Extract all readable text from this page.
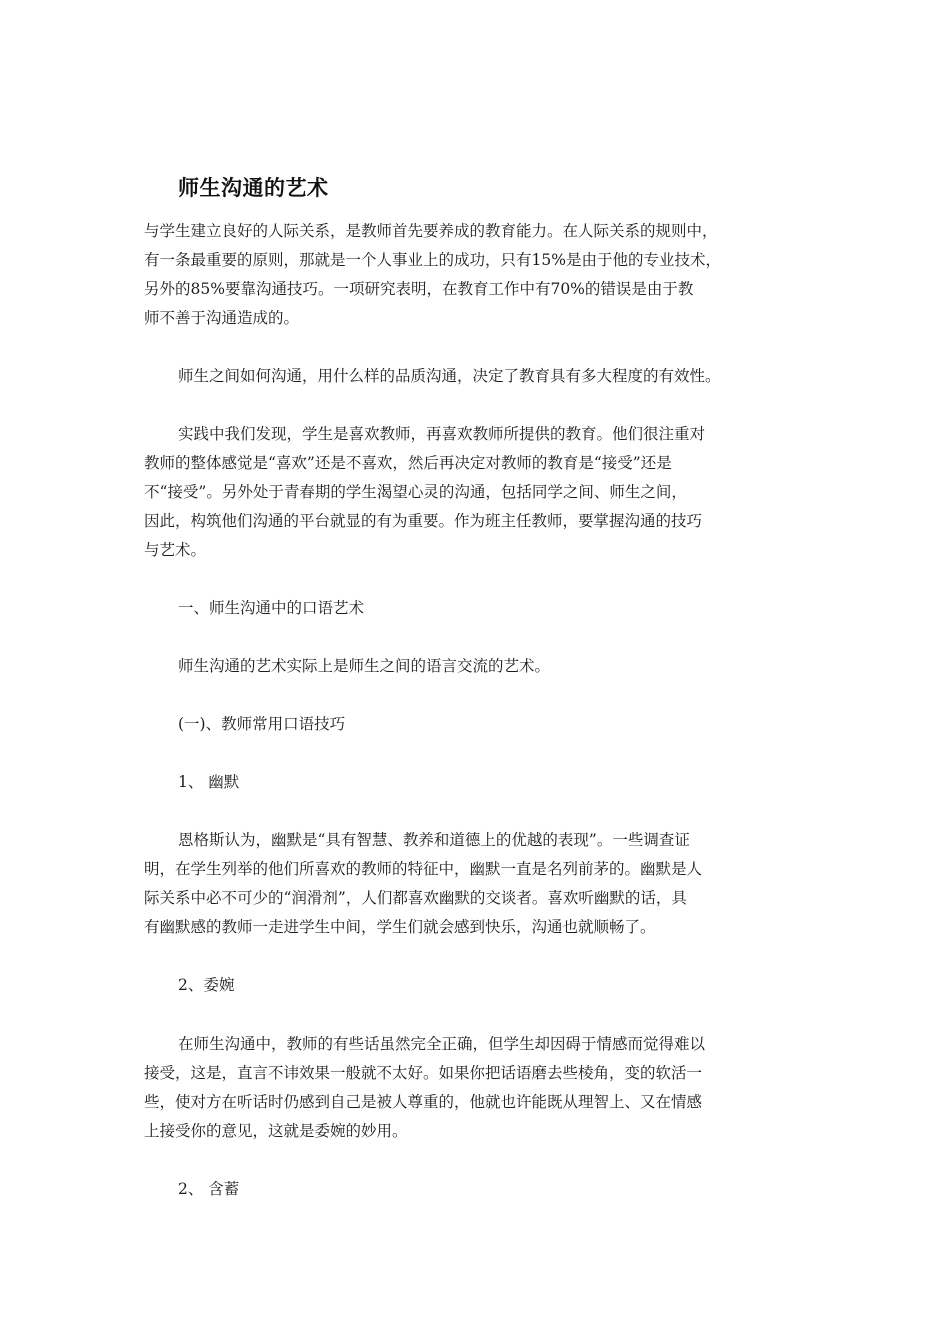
师生沟通的艺术
与学生建立良好的人际关系，是教师首先要养成的教育能力。在人际关系的规则中，
有一条最重要的原则，那就是一个人事业上的成功，只有15%是由于他的专业技术，
另外的85%要靠沟通技巧。一项研究表明，在教育工作中有70%的错误是由于教
师不善于沟通造成的。
师生之间如何沟通，用什么样的品质沟通，决定了教育具有多大程度的有效性。
实践中我们发现，学生是喜欢教师，再喜欢教师所提供的教育。他们很注重对
教师的整体感觉是“喜欢”还是不喜欢，然后再决定对教师的教育是“接受”还是
不“接受”。另外处于青春期的学生渴望心灵的沟通，包括同学之间、师生之间，
因此，构筑他们沟通的平台就显的有为重要。作为班主任教师，要掌握沟通的技巧
与艺术。
一、师生沟通中的口语艺术
师生沟通的艺术实际上是师生之间的语言交流的艺术。
(一)、教师常用口语技巧
1、 幽默
恩格斯认为，幽默是“具有智慧、教养和道德上的优越的表现”。一些调查证
明，在学生列举的他们所喜欢的教师的特征中，幽默一直是名列前茅的。幽默是人
际关系中必不可少的“润滑剂”，人们都喜欢幽默的交谈者。喜欢听幽默的话，具
有幽默感的教师一走进学生中间，学生们就会感到快乐，沟通也就顺畅了。
2、委婉
在师生沟通中，教师的有些话虽然完全正确，但学生却因碍于情感而觉得难以
接受，这是，直言不讳效果一般就不太好。如果你把话语磨去些棱角，变的软活一
些，使对方在听话时仍感到自己是被人尊重的，他就也许能既从理智上、又在情感
上接受你的意见，这就是委婉的妙用。
2、 含蓄
